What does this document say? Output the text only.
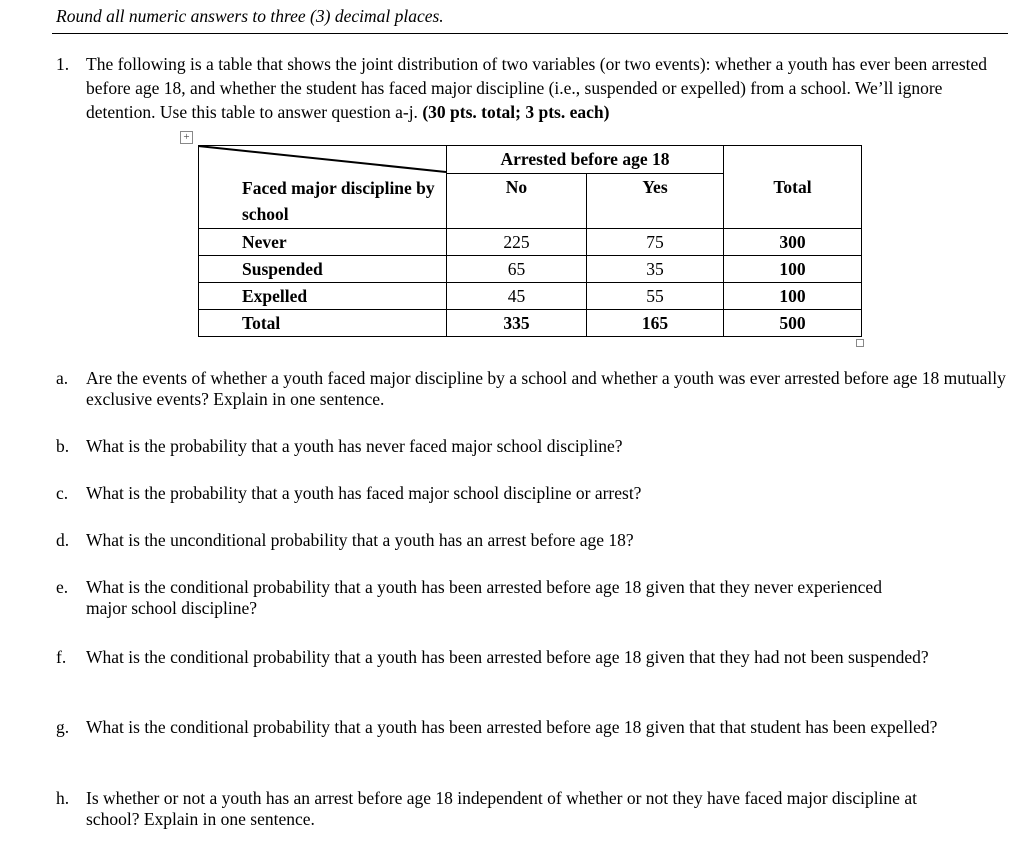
Round all numeric answers to three (3) decimal places.
1. The following is a table that shows the joint distribution of two variables (or two events): whether a youth has ever been arrested before age 18, and whether the student has faced major discipline (i.e., suspended or expelled) from a school. We’ll ignore detention. Use this table to answer question a-j. (30 pts. total; 3 pts. each)
+
	Arrested before age 18		
Faced major discipline by school	No	Yes	Total
Never	225	75	300
Suspended	65	35	100
Expelled	45	55	100
Total	335	165	500
a. Are the events of whether a youth faced major discipline by a school and whether a youth was ever arrested before age 18 mutually exclusive events? Explain in one sentence.
b. What is the probability that a youth has never faced major school discipline?
c. What is the probability that a youth has faced major school discipline or arrest?
d. What is the unconditional probability that a youth has an arrest before age 18?
e. What is the conditional probability that a youth has been arrested before age 18 given that they never experienced major school discipline?
f. What is the conditional probability that a youth has been arrested before age 18 given that they had not been suspended?
g. What is the conditional probability that a youth has been arrested before age 18 given that that student has been expelled?
h. Is whether or not a youth has an arrest before age 18 independent of whether or not they have faced major discipline at school? Explain in one sentence.
